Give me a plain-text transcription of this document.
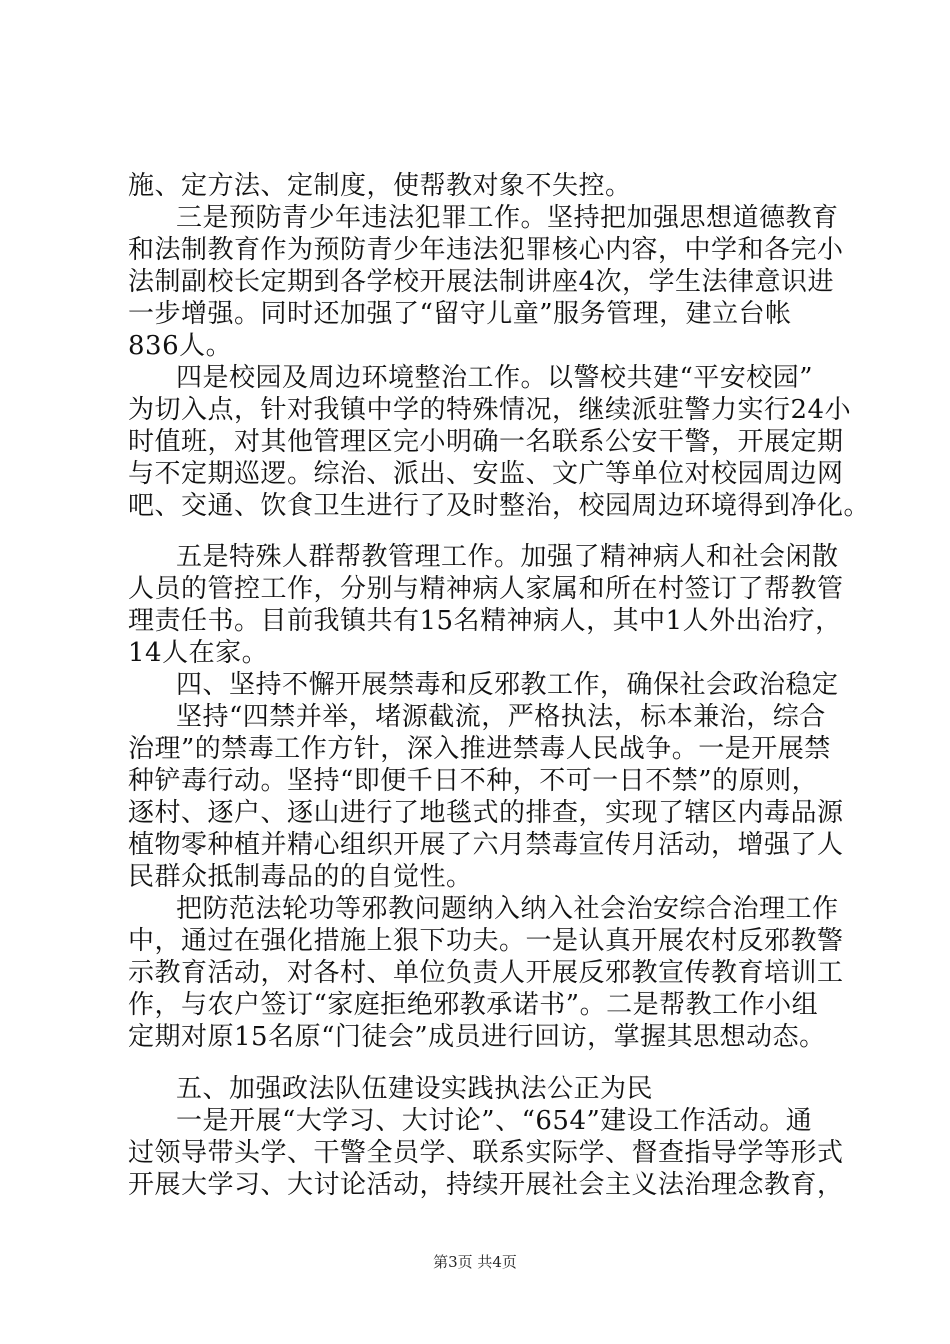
施、定方法、定制度，使帮教对象不失控。

三是预防青少年违法犯罪工作。坚持把加强思想道德教育

和法制教育作为预防青少年违法犯罪核心内容，中学和各完小

法制副校长定期到各学校开展法制讲座4次，学生法律意识进

一步增强。同时还加强了“留守儿童”服务管理，建立台帐

836人。

四是校园及周边环境整治工作。以警校共建“平安校园”

为切入点，针对我镇中学的特殊情况，继续派驻警力实行24小

时值班，对其他管理区完小明确一名联系公安干警，开展定期

与不定期巡逻。综治、派出、安监、文广等单位对校园周边网

吧、交通、饮食卫生进行了及时整治，校园周边环境得到净化。

五是特殊人群帮教管理工作。加强了精神病人和社会闲散

人员的管控工作，分别与精神病人家属和所在村签订了帮教管

理责任书。目前我镇共有15名精神病人，其中1人外出治疗，

14人在家。

四、坚持不懈开展禁毒和反邪教工作，确保社会政治稳定

坚持“四禁并举，堵源截流，严格执法，标本兼治，综合

治理”的禁毒工作方针，深入推进禁毒人民战争。一是开展禁

种铲毒行动。坚持“即便千日不种，不可一日不禁”的原则，

逐村、逐户、逐山进行了地毯式的排查，实现了辖区内毒品源

植物零种植并精心组织开展了六月禁毒宣传月活动，增强了人

民群众抵制毒品的的自觉性。

把防范法轮功等邪教问题纳入纳入社会治安综合治理工作

中，通过在强化措施上狠下功夫。一是认真开展农村反邪教警

示教育活动，对各村、单位负责人开展反邪教宣传教育培训工

作，与农户签订“家庭拒绝邪教承诺书”。二是帮教工作小组

定期对原15名原“门徒会”成员进行回访，掌握其思想动态。

五、加强政法队伍建设实践执法公正为民

一是开展“大学习、大讨论”、“654”建设工作活动。通

过领导带头学、干警全员学、联系实际学、督查指导学等形式

开展大学习、大讨论活动，持续开展社会主义法治理念教育，

第3页 共4页
